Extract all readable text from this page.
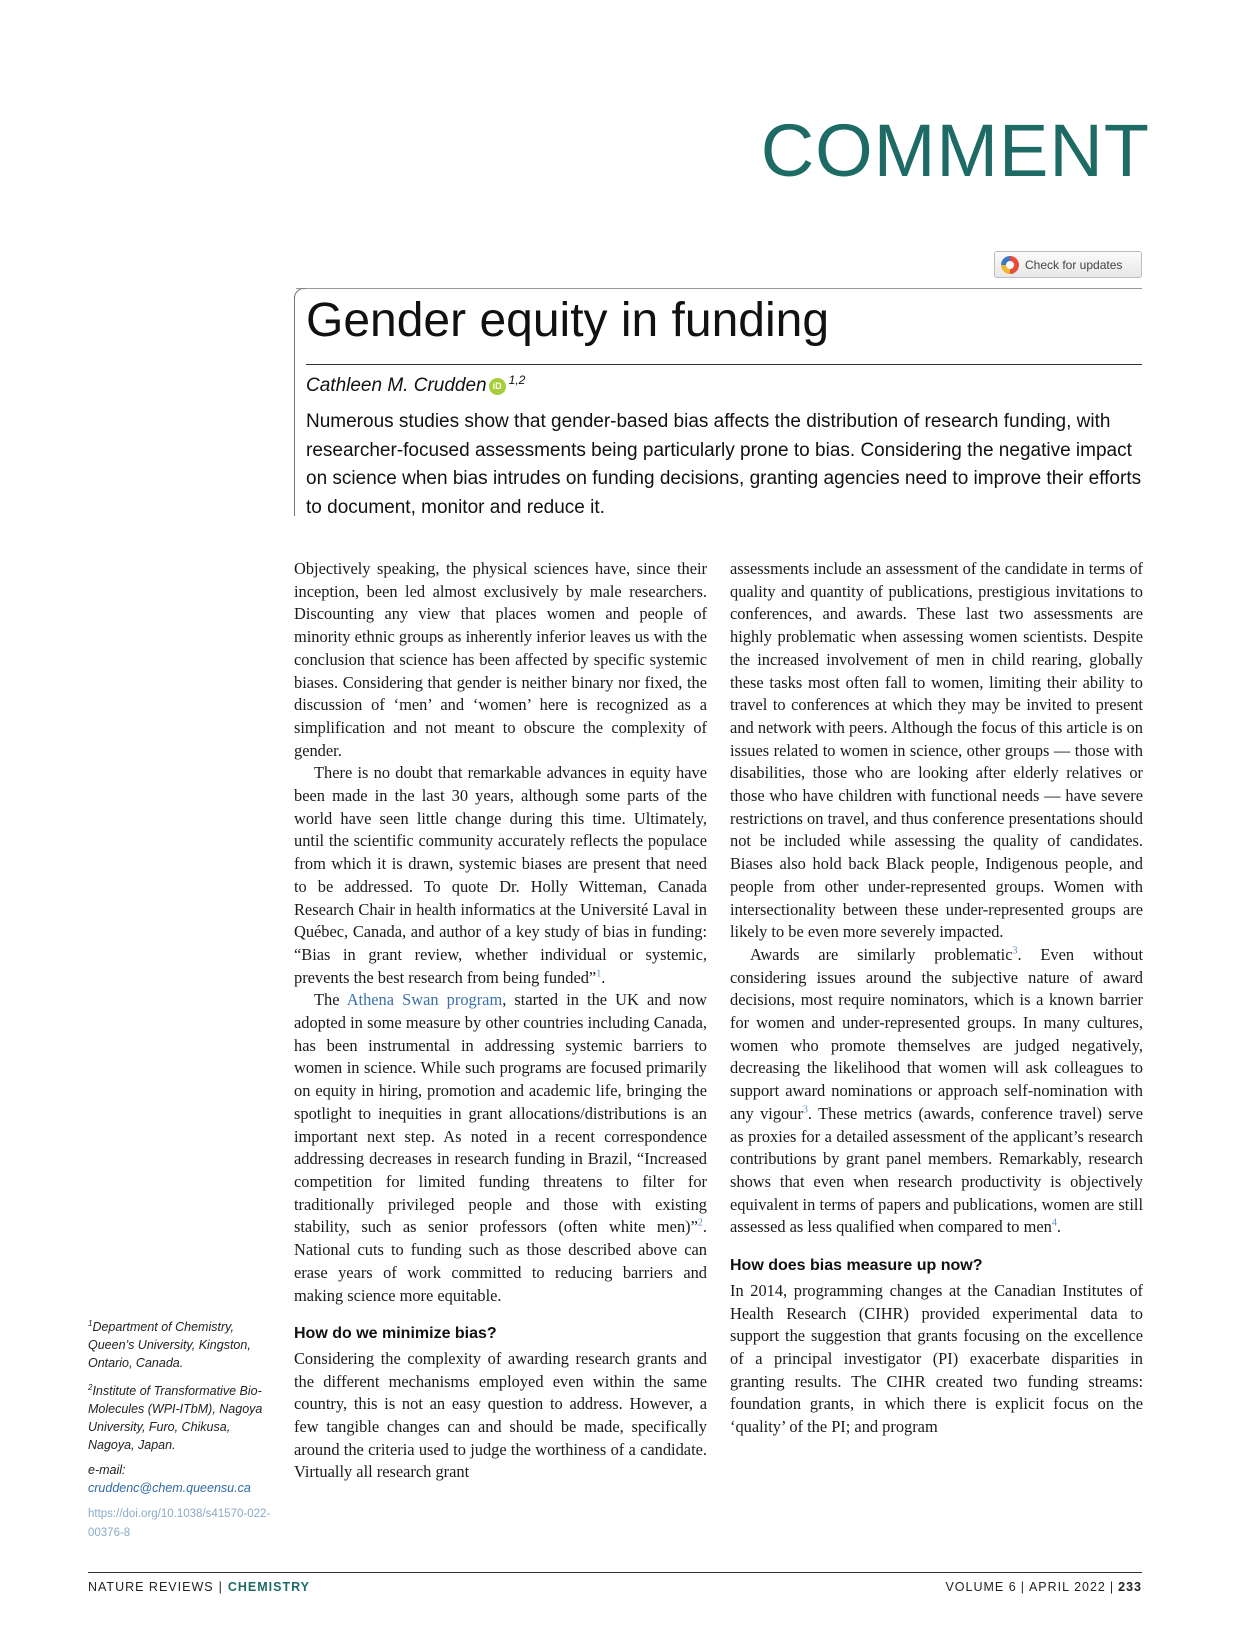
COMMENT
Check for updates
Gender equity in funding
Cathleen M. Crudden iD 1,2

Numerous studies show that gender-based bias affects the distribution of research funding, with researcher-focused assessments being particularly prone to bias. Considering the negative impact on science when bias intrudes on funding decisions, granting agencies need to improve their efforts to document, monitor and reduce it.

Objectively speaking, the physical sciences have, since their inception, been led almost exclusively by male researchers. Discounting any view that places women and people of minority ethnic groups as inherently inferior leaves us with the conclusion that science has been affected by specific systemic biases. Considering that gender is neither binary nor fixed, the discussion of ‘men’ and ‘women’ here is recognized as a simplification and not meant to obscure the complexity of gender.

There is no doubt that remarkable advances in equity have been made in the last 30 years, although some parts of the world have seen little change during this time. Ultimately, until the scientific community accurately reflects the populace from which it is drawn, systemic biases are present that need to be addressed. To quote Dr. Holly Witteman, Canada Research Chair in health informatics at the Université Laval in Québec, Canada, and author of a key study of bias in funding: “Bias in grant review, whether individual or systemic, prevents the best research from being funded”$^1$.

The Athena Swan program, started in the UK and now adopted in some measure by other countries including Canada, has been instrumental in addressing systemic barriers to women in science. While such programs are focused primarily on equity in hiring, promotion and academic life, bringing the spotlight to inequities in grant allocations/distributions is an important next step. As noted in a recent correspondence addressing decreases in research funding in Brazil, “Increased competition for limited funding threatens to filter for traditionally privileged people and those with existing stability, such as senior professors (often white men)”$^2$. National cuts to funding such as those described above can erase years of work committed to reducing barriers and making science more equitable.

How do we minimize bias?

Considering the complexity of awarding research grants and the different mechanisms employed even within the same country, this is not an easy question to address. However, a few tangible changes can and should be made, specifically around the criteria used to judge the worthiness of a candidate. Virtually all research grant

assessments include an assessment of the candidate in terms of quality and quantity of publications, prestigious invitations to conferences, and awards. These last two assessments are highly problematic when assessing women scientists. Despite the increased involvement of men in child rearing, globally these tasks most often fall to women, limiting their ability to travel to conferences at which they may be invited to present and network with peers. Although the focus of this article is on issues related to women in science, other groups — those with disabilities, those who are looking after elderly relatives or those who have children with functional needs — have severe restrictions on travel, and thus conference presentations should not be included while assessing the quality of candidates. Biases also hold back Black people, Indigenous people, and people from other under-represented groups. Women with intersectionality between these under-represented groups are likely to be even more severely impacted.

Awards are similarly problematic$^3$. Even without considering issues around the subjective nature of award decisions, most require nominators, which is a known barrier for women and under-represented groups. In many cultures, women who promote themselves are judged negatively, decreasing the likelihood that women will ask colleagues to support award nominations or approach self-nomination with any vigour$^3$. These metrics (awards, conference travel) serve as proxies for a detailed assessment of the applicant’s research contributions by grant panel members. Remarkably, research shows that even when research productivity is objectively equivalent in terms of papers and publications, women are still assessed as less qualified when compared to men$^4$.

How does bias measure up now?

In 2014, programming changes at the Canadian Institutes of Health Research (CIHR) provided experimental data to support the suggestion that grants focusing on the excellence of a principal investigator (PI) exacerbate disparities in granting results. The CIHR created two funding streams: foundation grants, in which there is explicit focus on the ‘quality’ of the PI; and program

$^1$Department of Chemistry, Queen’s University, Kingston, Ontario, Canada.

$^2$Institute of Transformative Bio-Molecules (WPI-ITbM), Nagoya University, Furo, Chikusa, Nagoya, Japan.

e-mail: cruddenc@chem.queensu.ca

https://doi.org/10.1038/s41570-022-00376-8

NATURE REVIEWS | CHEMISTRY	VOLUME 6 | APRIL 2022 | 233
